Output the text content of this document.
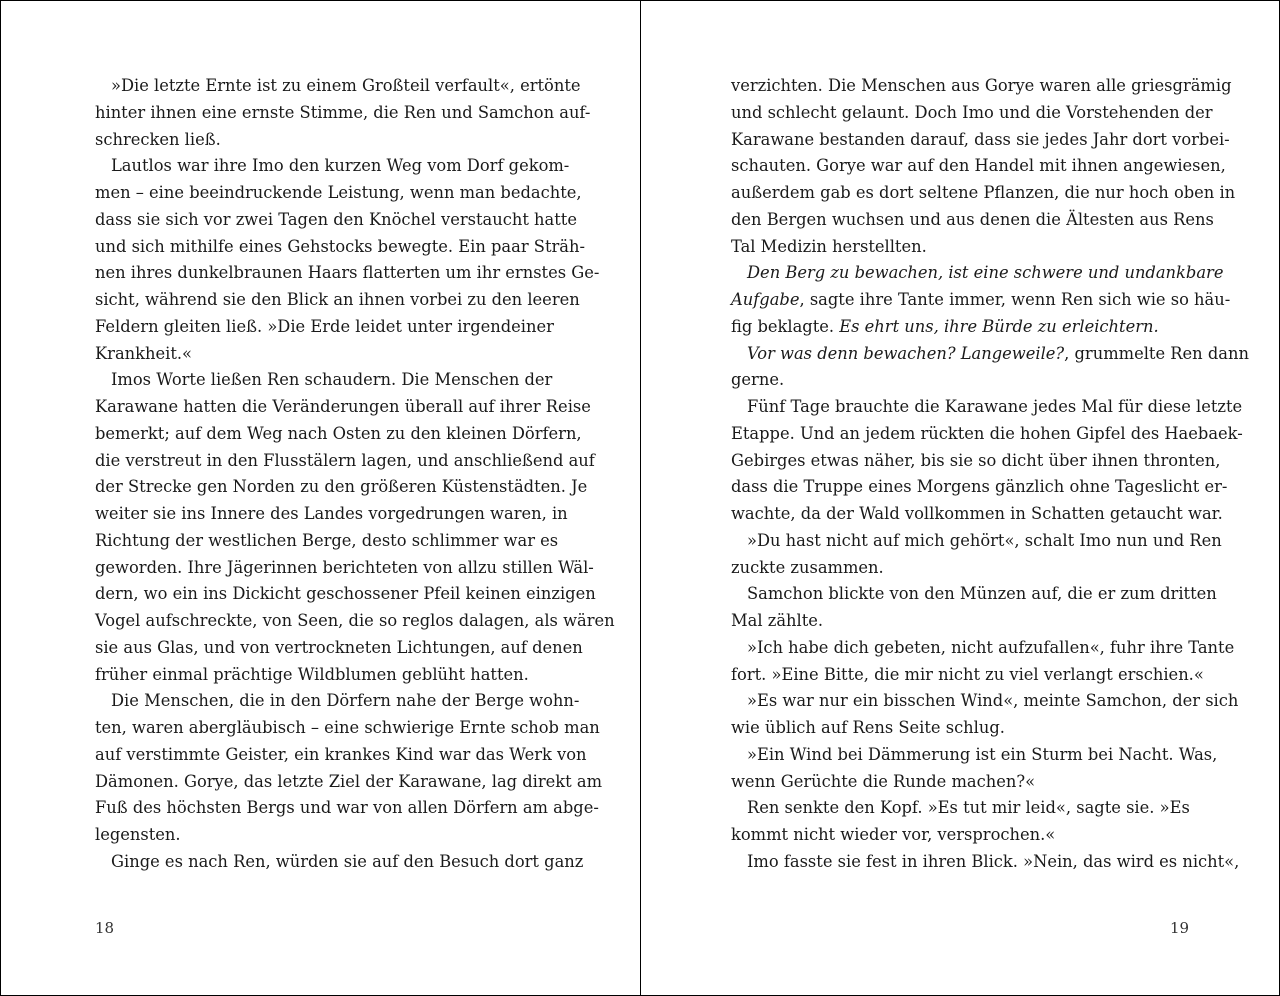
»Die letzte Ernte ist zu einem Großteil verfault«, ertönte
hinter ihnen eine ernste Stimme, die Ren und Samchon auf-
schrecken ließ.
Lautlos war ihre Imo den kurzen Weg vom Dorf gekom-
men – eine beeindruckende Leistung, wenn man bedachte,
dass sie sich vor zwei Tagen den Knöchel verstaucht hatte
und sich mithilfe eines Gehstocks bewegte. Ein paar Sträh-
nen ihres dunkelbraunen Haars flatterten um ihr ernstes Ge-
sicht, während sie den Blick an ihnen vorbei zu den leeren
Feldern gleiten ließ. »Die Erde leidet unter irgendeiner
Krankheit.«
Imos Worte ließen Ren schaudern. Die Menschen der
Karawane hatten die Veränderungen überall auf ihrer Reise
bemerkt; auf dem Weg nach Osten zu den kleinen Dörfern,
die verstreut in den Flusstälern lagen, und anschließend auf
der Strecke gen Norden zu den größeren Küstenstädten. Je
weiter sie ins Innere des Landes vorgedrungen waren, in
Richtung der westlichen Berge, desto schlimmer war es
geworden. Ihre Jägerinnen berichteten von allzu stillen Wäl-
dern, wo ein ins Dickicht geschossener Pfeil keinen einzigen
Vogel aufschreckte, von Seen, die so reglos dalagen, als wären
sie aus Glas, und von vertrockneten Lichtungen, auf denen
früher einmal prächtige Wildblumen geblüht hatten.
Die Menschen, die in den Dörfern nahe der Berge wohn-
ten, waren abergläubisch – eine schwierige Ernte schob man
auf verstimmte Geister, ein krankes Kind war das Werk von
Dämonen. Gorye, das letzte Ziel der Karawane, lag direkt am
Fuß des höchsten Bergs und war von allen Dörfern am abge-
legensten.
Ginge es nach Ren, würden sie auf den Besuch dort ganz
verzichten. Die Menschen aus Gorye waren alle griesgrämig
und schlecht gelaunt. Doch Imo und die Vorstehenden der
Karawane bestanden darauf, dass sie jedes Jahr dort vorbei-
schauten. Gorye war auf den Handel mit ihnen angewiesen,
außerdem gab es dort seltene Pflanzen, die nur hoch oben in
den Bergen wuchsen und aus denen die Ältesten aus Rens
Tal Medizin herstellten.
Den Berg zu bewachen, ist eine schwere und undankbare
Aufgabe, sagte ihre Tante immer, wenn Ren sich wie so häu-
fig beklagte. Es ehrt uns, ihre Bürde zu erleichtern.
Vor was denn bewachen? Langeweile?, grummelte Ren dann
gerne.
Fünf Tage brauchte die Karawane jedes Mal für diese letzte
Etappe. Und an jedem rückten die hohen Gipfel des Haebaek-
Gebirges etwas näher, bis sie so dicht über ihnen thronten,
dass die Truppe eines Morgens gänzlich ohne Tageslicht er-
wachte, da der Wald vollkommen in Schatten getaucht war.
»Du hast nicht auf mich gehört«, schalt Imo nun und Ren
zuckte zusammen.
Samchon blickte von den Münzen auf, die er zum dritten
Mal zählte.
»Ich habe dich gebeten, nicht aufzufallen«, fuhr ihre Tante
fort. »Eine Bitte, die mir nicht zu viel verlangt erschien.«
»Es war nur ein bisschen Wind«, meinte Samchon, der sich
wie üblich auf Rens Seite schlug.
»Ein Wind bei Dämmerung ist ein Sturm bei Nacht. Was,
wenn Gerüchte die Runde machen?«
Ren senkte den Kopf. »Es tut mir leid«, sagte sie. »Es
kommt nicht wieder vor, versprochen.«
Imo fasste sie fest in ihren Blick. »Nein, das wird es nicht«,
18	19
